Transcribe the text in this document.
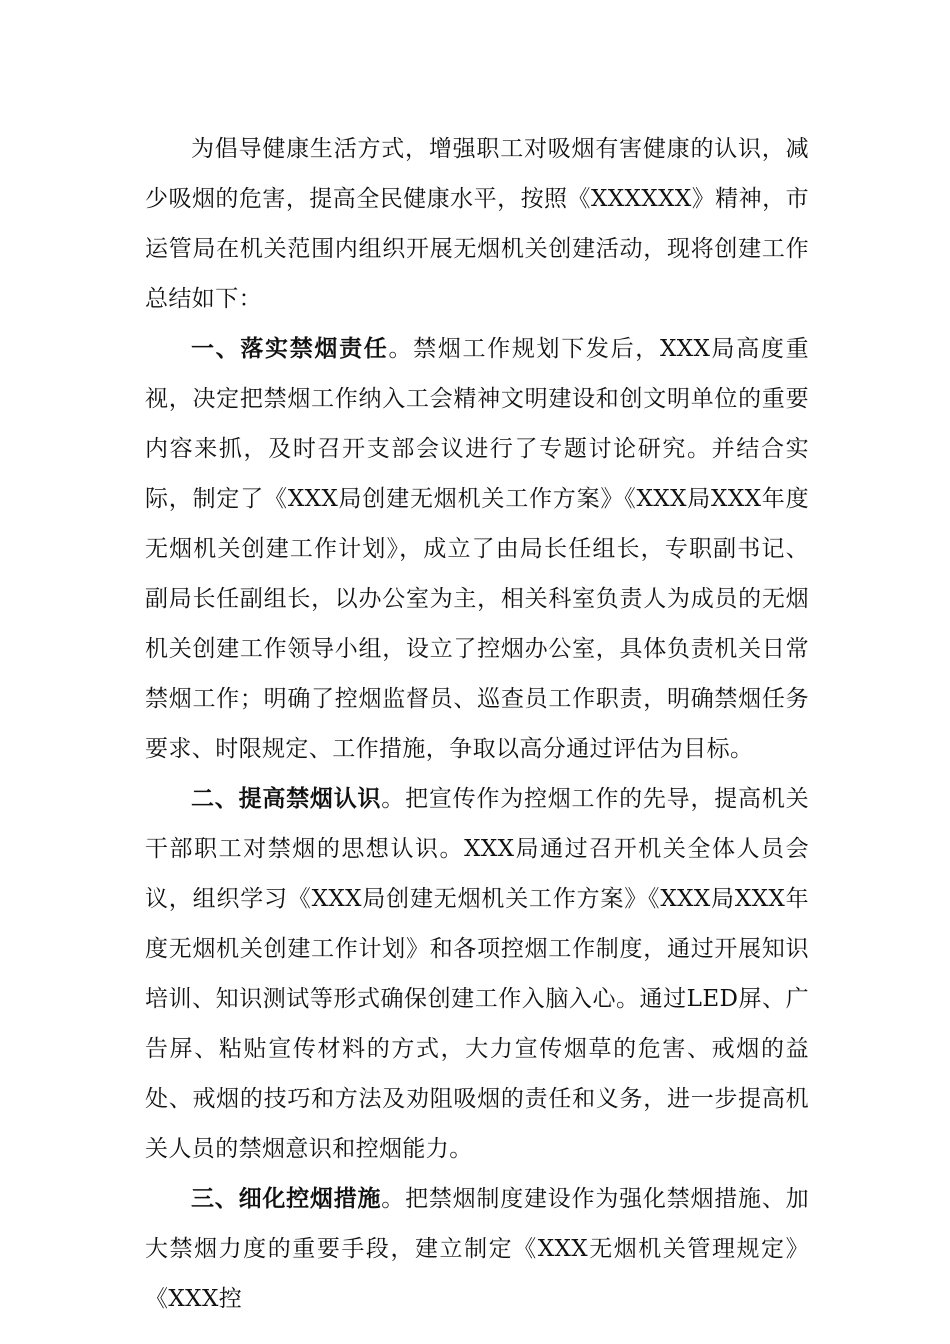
为倡导健康生活方式，增强职工对吸烟有害健康的认识，减少吸烟的危害，提高全民健康水平，按照《XXXXXX》精神，市运管局在机关范围内组织开展无烟机关创建活动，现将创建工作总结如下：

一、落实禁烟责任。禁烟工作规划下发后，XXX局高度重视，决定把禁烟工作纳入工会精神文明建设和创文明单位的重要内容来抓，及时召开支部会议进行了专题讨论研究。并结合实际，制定了《XXX局创建无烟机关工作方案》《XXX局XXX年度无烟机关创建工作计划》，成立了由局长任组长，专职副书记、副局长任副组长，以办公室为主，相关科室负责人为成员的无烟机关创建工作领导小组，设立了控烟办公室，具体负责机关日常禁烟工作；明确了控烟监督员、巡查员工作职责，明确禁烟任务要求、时限规定、工作措施，争取以高分通过评估为目标。

二、提高禁烟认识。把宣传作为控烟工作的先导，提高机关干部职工对禁烟的思想认识。XXX局通过召开机关全体人员会议，组织学习《XXX局创建无烟机关工作方案》《XXX局XXX年度无烟机关创建工作计划》和各项控烟工作制度，通过开展知识培训、知识测试等形式确保创建工作入脑入心。通过LED屏、广告屏、粘贴宣传材料的方式，大力宣传烟草的危害、戒烟的益处、戒烟的技巧和方法及劝阻吸烟的责任和义务，进一步提高机关人员的禁烟意识和控烟能力。

三、细化控烟措施。把禁烟制度建设作为强化禁烟措施、加大禁烟力度的重要手段，建立制定《XXX无烟机关管理规定》《XXX控
